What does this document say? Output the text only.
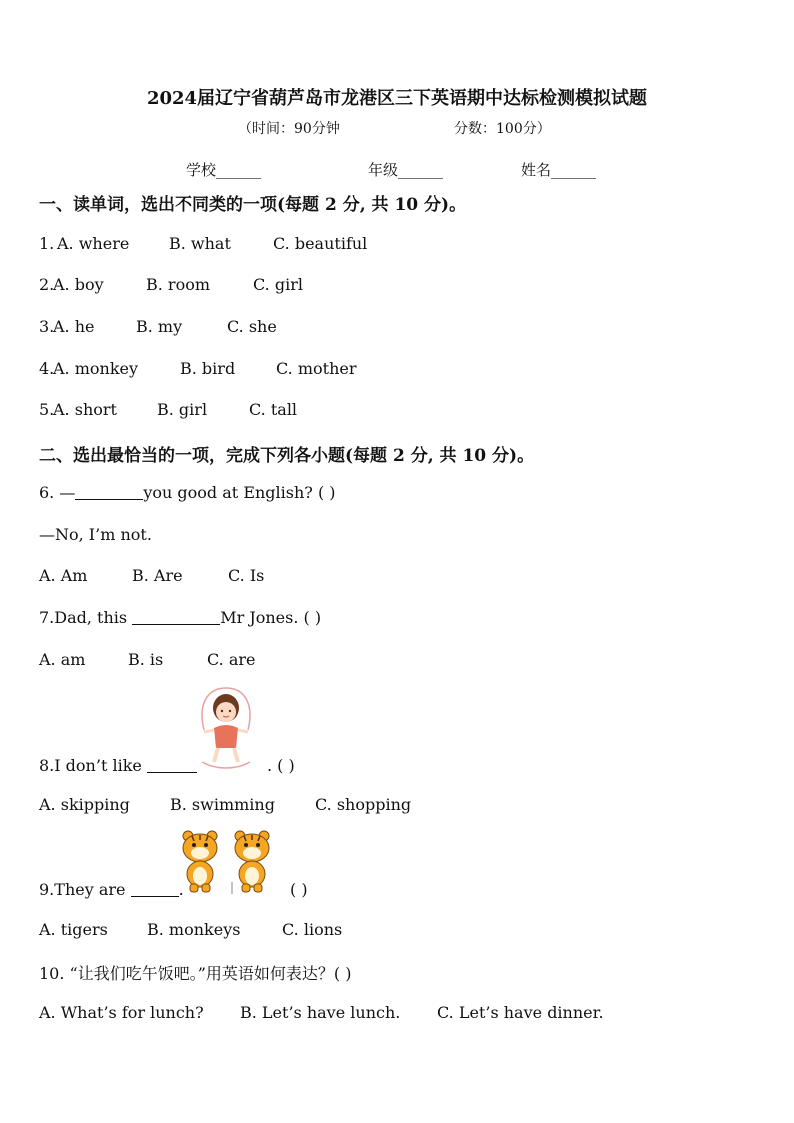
2024届辽宁省葫芦岛市龙港区三下英语期中达标检测模拟试题
（时间：90分钟	分数：100分）
学校______	年级______	姓名______
一、读单词，选出不同类的一项(每题 2 分, 共 10 分)。
1. A. where B. what	C. beautiful
2.
A. boy	B. room	C. girl
3.
A. he	B. my	C. she
4.
A. monkey	B. bird	C. mother
5.
A. short	B. girl	C. tall
二、选出最恰当的一项，完成下列各小题(每题 2 分, 共 10 分)。
6. —	you good at English? ( )
—No, I’m not.
A. Am	B. Are	C. Is
7.Dad, this	Mr Jones. ( )
A. am	B. is	C. are
8.I don’t like	. ( )
A. skipping	B. swimming	C. shopping
9.They are	.	( )
A. tigers B. monkeys	C. lions
10. “让我们吃午饭吧。”用英语如何表达？( )
A. What’s for lunch? B. Let’s have lunch. C. Let’s have dinner.
